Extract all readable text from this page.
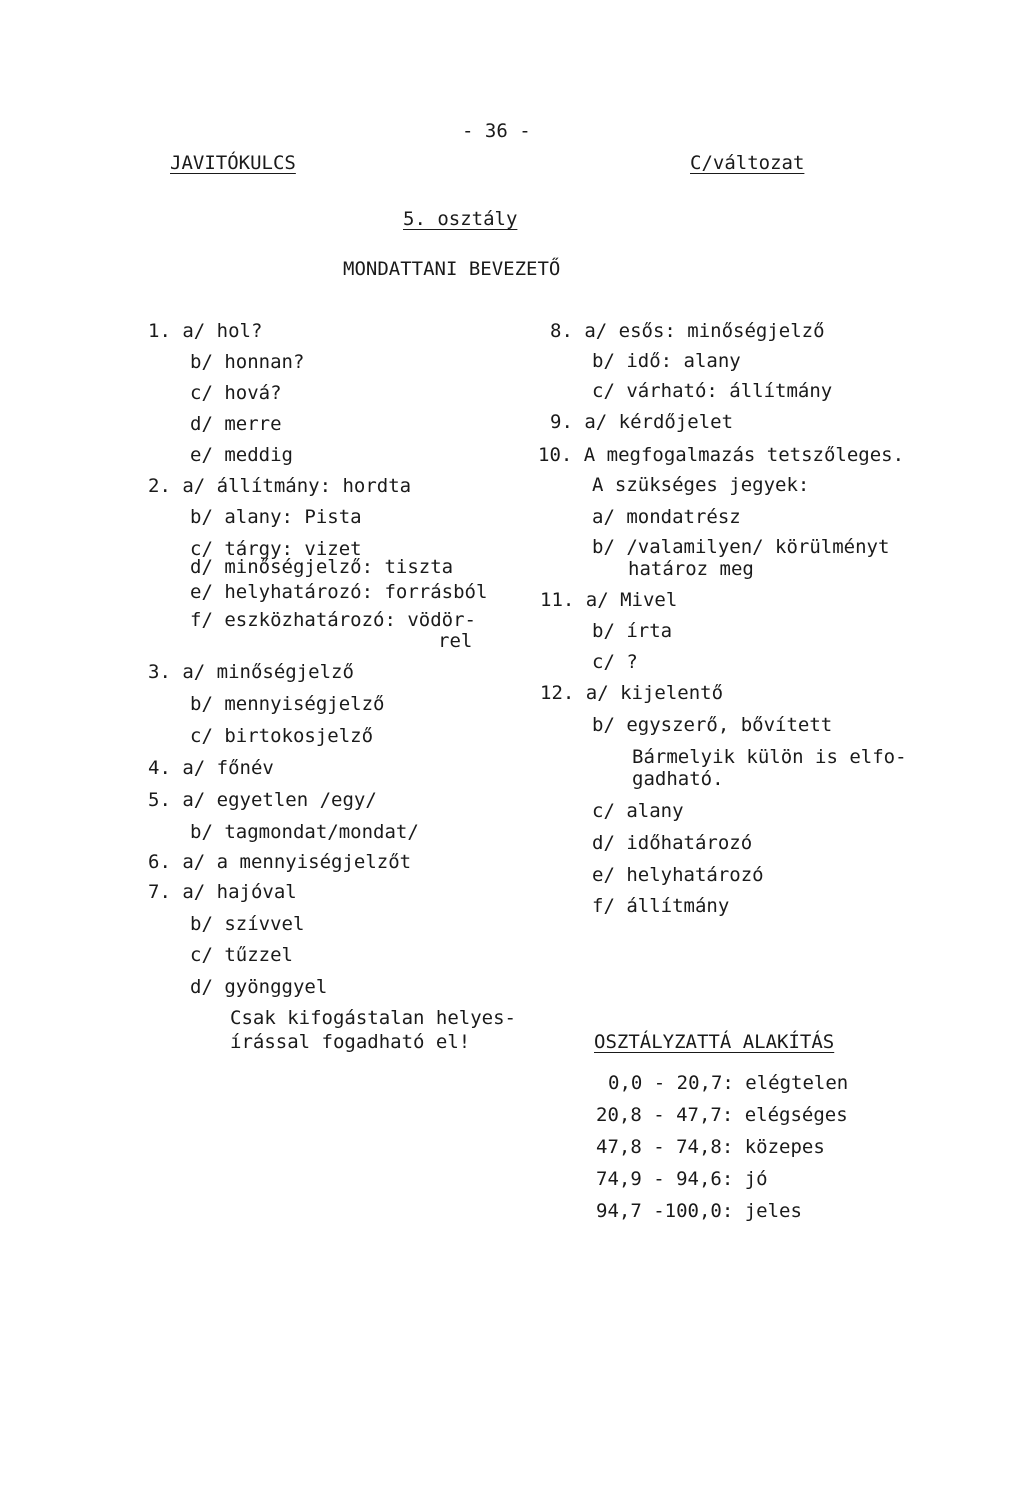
- 36 -
JAVITÓKULCS	C/változat
5. osztály
MONDATTANI BEVEZETŐ
1. a/ hol?
b/ honnan?
c/ hová?
d/ merre
e/ meddig
2. a/ állítmány: hordta
b/ alany: Pista
c/ tárgy: vizet
d/ minőségjelző: tiszta
e/ helyhatározó: forrásból
f/ eszközhatározó: vödör-
rel
3. a/ minőségjelző
b/ mennyiségjelző
c/ birtokosjelző
4. a/ főnév
5. a/ egyetlen /egy/
b/ tagmondat/mondat/
6. a/ a mennyiségjelzőt
7. a/ hajóval
b/ szívvel
c/ tűzzel
d/ gyönggyel
Csak kifogástalan helyes-
írással fogadható el!
8. a/ esős: minőségjelző
b/ idő: alany
c/ várható: állítmány
9. a/ kérdőjelet
10. A megfogalmazás tetszőleges.
A szükséges jegyek:
a/ mondatrész
b/ /valamilyen/ körülményt
határoz meg
11. a/ Mivel
b/ írta
c/ ?
12. a/ kijelentő
b/ egyszerő, bővített
Bármelyik külön is elfo-
gadható.
c/ alany
d/ időhatározó
e/ helyhatározó
f/ állítmány
OSZTÁLYZATTÁ ALAKÍTÁS
0,0 - 20,7: elégtelen
20,8 - 47,7: elégséges
47,8 - 74,8: közepes
74,9 - 94,6: jó
94,7 -100,0: jeles
